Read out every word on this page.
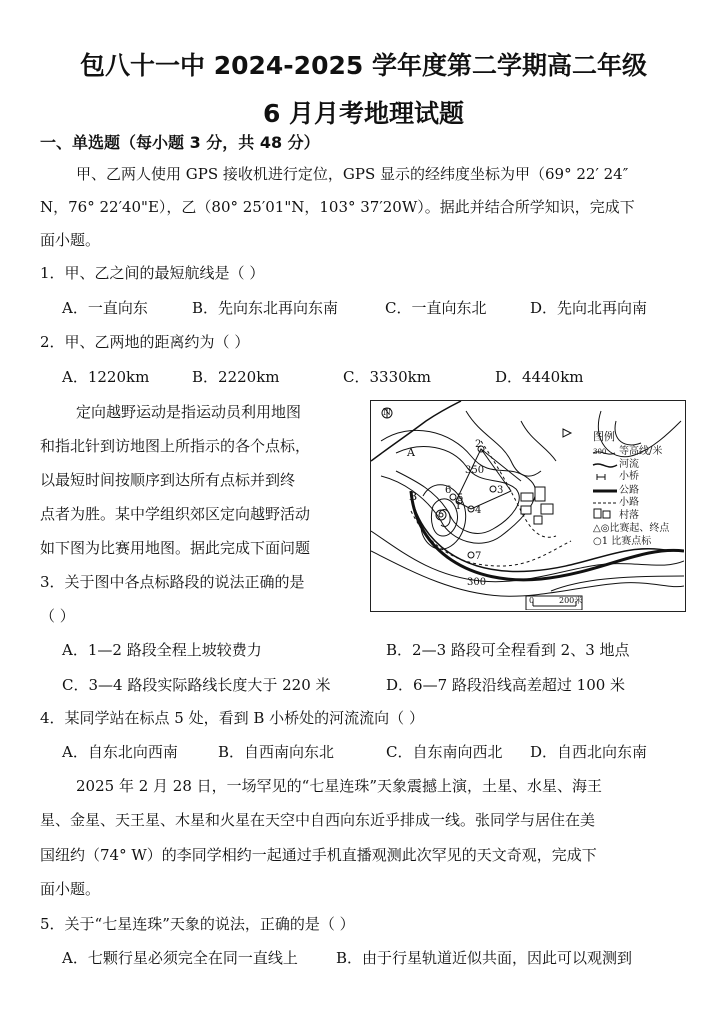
包八十一中 2024-2025 学年度第二学期高二年级
6 月月考地理试题
一、单选题（每小题 3 分，共 48 分）
甲、乙两人使用 GPS 接收机进行定位，GPS 显示的经纬度坐标为甲（69° 22′ 24″
N，76° 22′40"E），乙（80° 25′01"N，103° 37′20W）。据此并结合所学知识，完成下
面小题。
1．甲、乙之间的最短航线是（ ）
A．一直向东	B．先向东北再向东南	C．一直向东北	D．先向北再向南
2．甲、乙两地的距离约为（ ）
A．1220km	B．2220km	C．3330km	D．4440km
定向越野运动是指运动员利用地图
和指北针到访地图上所指示的各个点标，
以最短时间按顺序到达所有点标并到终
点者为胜。某中学组织郊区定向越野活动
如下图为比赛用地图。据此完成下面问题
3．关于图中各点标路段的说法正确的是
（ ）
N
A
B
350
300
2
3
4
5
6
7
1
图例
300 等高线/米
河流
小桥
公路
小路
村落
△◎比赛起、终点
○1 比赛点标
0	200米
A．1—2 路段全程上坡较费力	B．2—3 路段可全程看到 2、3 地点
C．3—4 路段实际路线长度大于 220 米	D．6—7 路段沿线高差超过 100 米
4．某同学站在标点 5 处，看到 B 小桥处的河流流向（ ）
A．自东北向西南	B．自西南向东北	C．自东南向西北 D．自西北向东南
2025 年 2 月 28 日，一场罕见的“七星连珠”天象震撼上演，土星、水星、海王
星、金星、天王星、木星和火星在天空中自西向东近乎排成一线。张同学与居住在美
国纽约（74° W）的李同学相约一起通过手机直播观测此次罕见的天文奇观，完成下
面小题。
5．关于“七星连珠”天象的说法，正确的是（ ）
A．七颗行星必须完全在同一直线上	B．由于行星轨道近似共面，因此可以观测到
